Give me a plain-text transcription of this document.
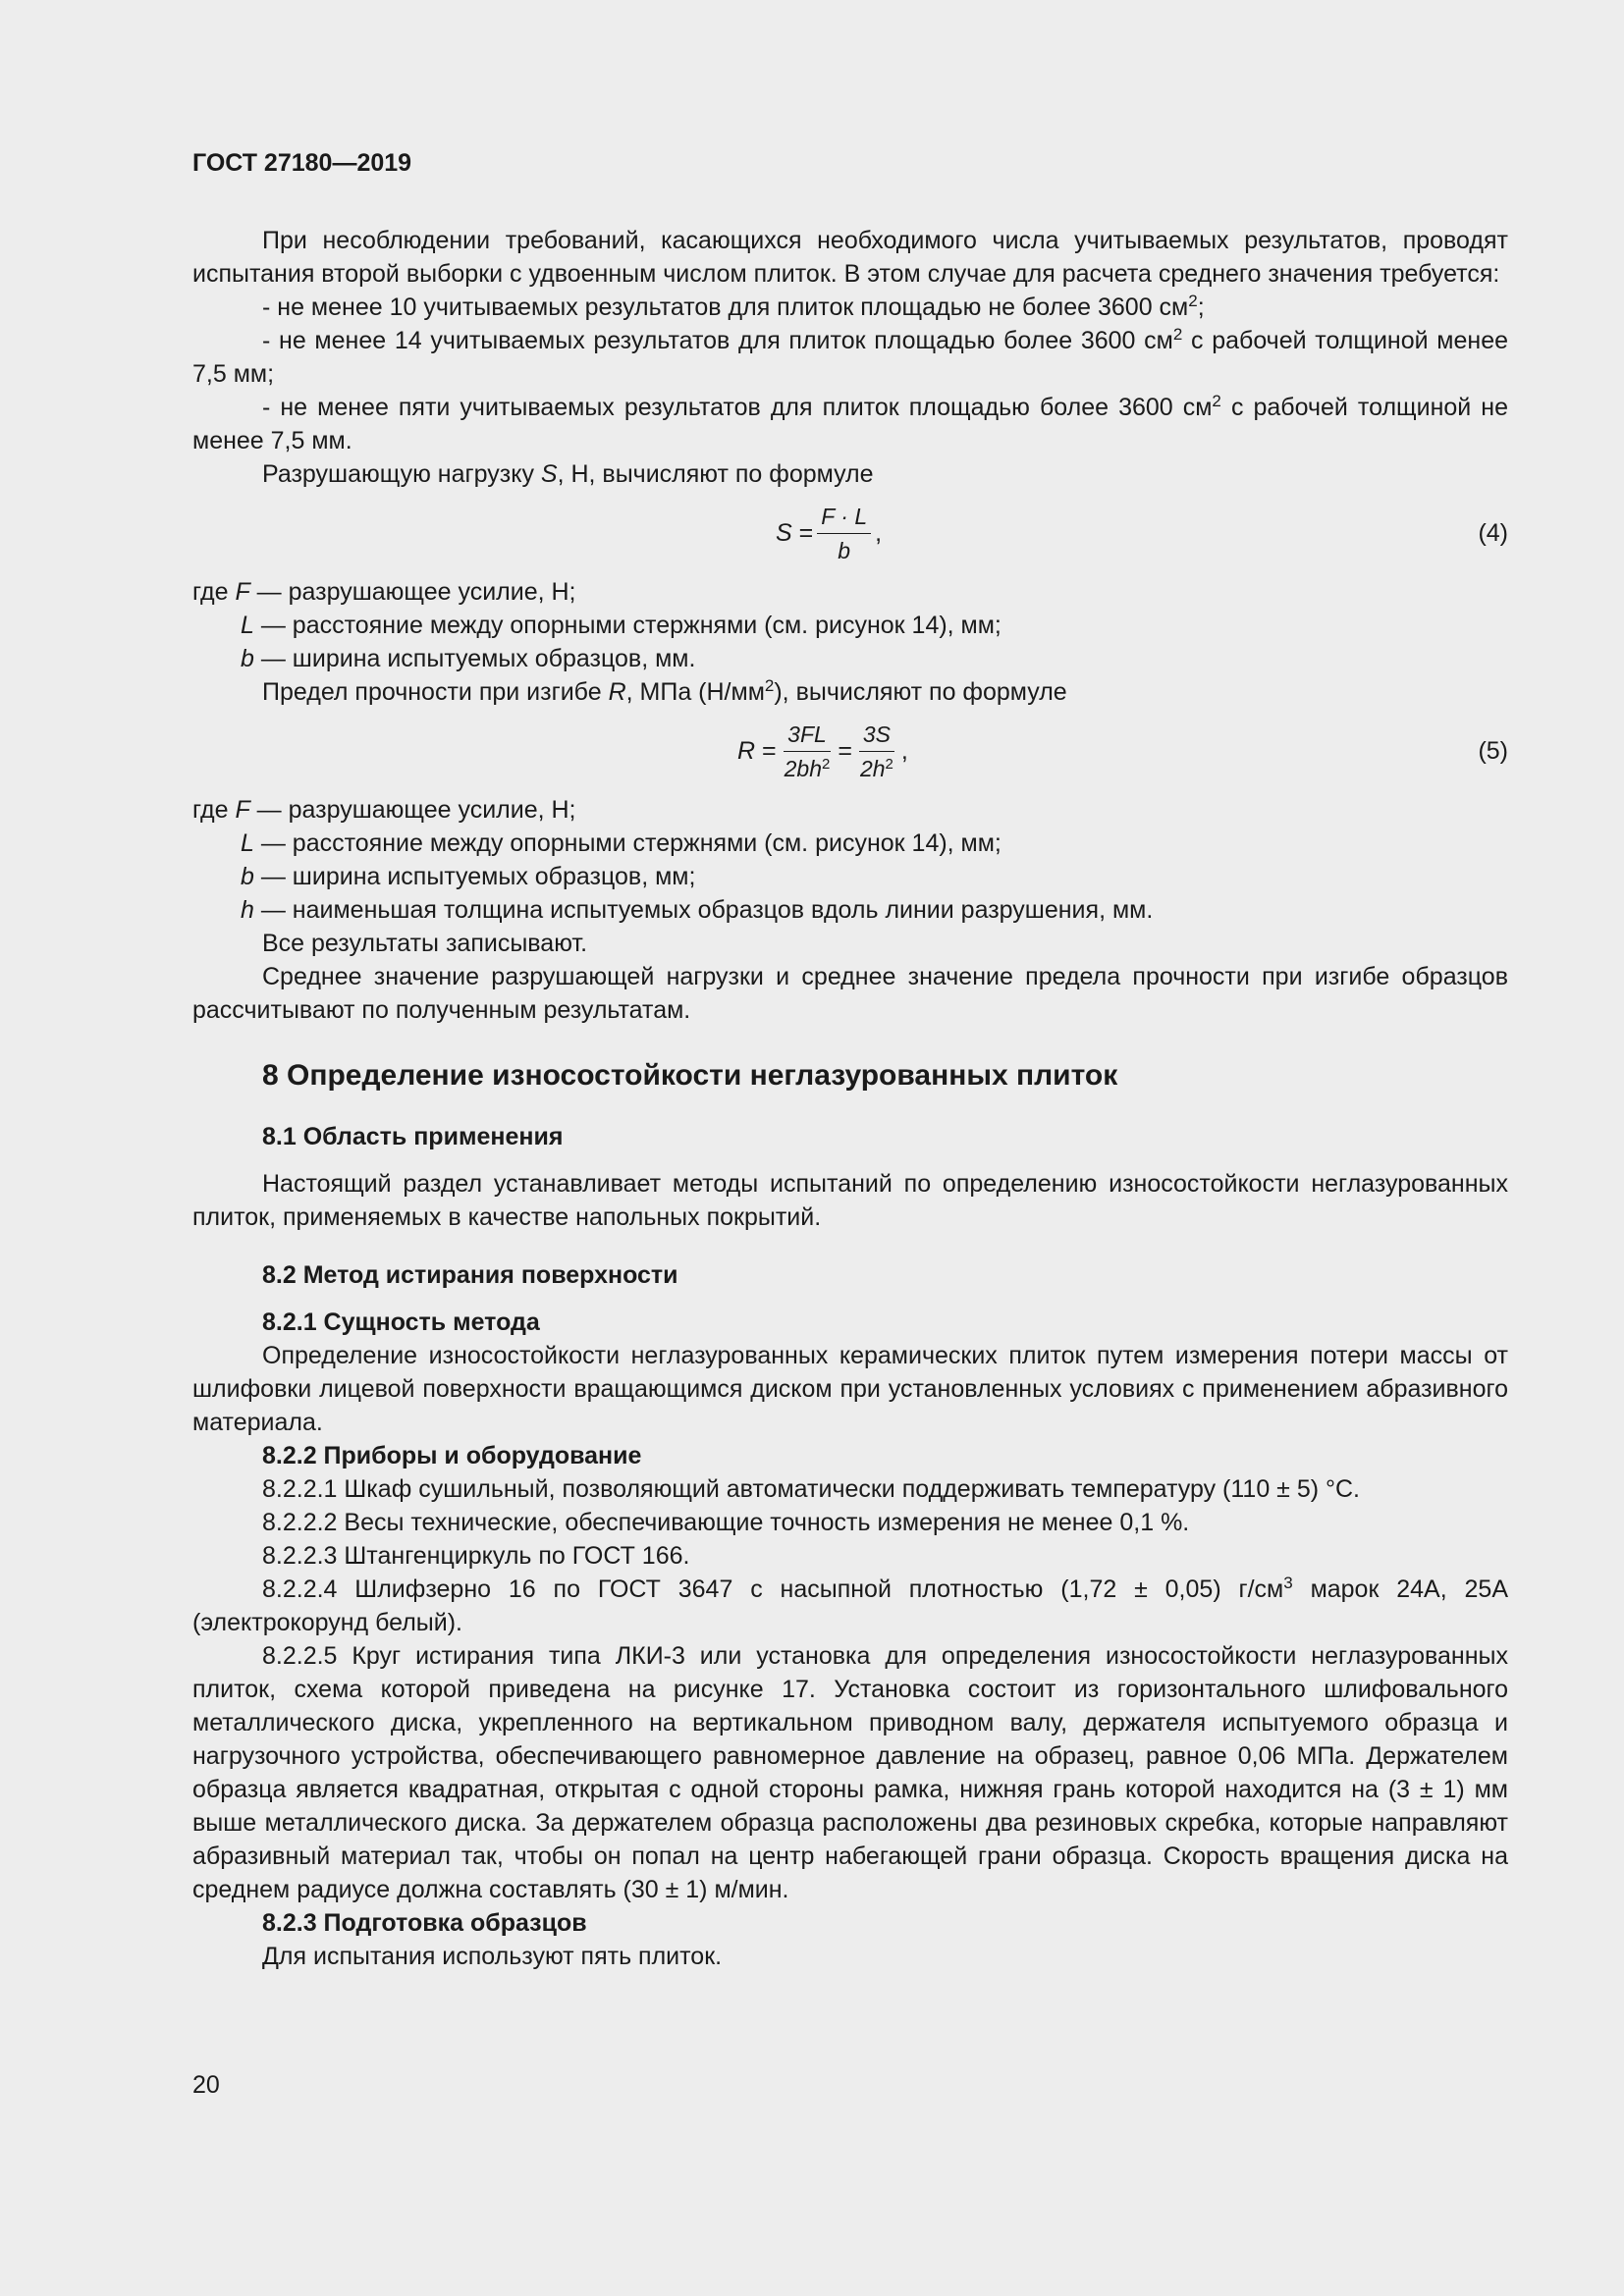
ГОСТ 27180—2019

При несоблюдении требований, касающихся необходимого числа учитываемых результатов, проводят испытания второй выборки с удвоенным числом плиток. В этом случае для расчета среднего значения требуется:

- не менее 10 учитываемых результатов для плиток площадью не более 3600 $см^2$;

- не менее 14 учитываемых результатов для плиток площадью более 3600 $см^2$ с рабочей толщиной менее 7,5 мм;

- не менее пяти учитываемых результатов для плиток площадью более 3600 $см^2$ с рабочей толщиной не менее 7,5 мм.

Разрушающую нагрузку S, Н, вычисляют по формуле

S
= $\frac{F \cdot L}{b}$ ,	(4)

где F — разрушающее усилие, Н;

L — расстояние между опорными стержнями (см. рисунок 14), мм;

b — ширина испытуемых образцов, мм.

Предел прочности при изгибе R, МПа $(Н/мм^2)$, вычисляют по формуле

R
= $\frac{3FL}{2bh^2} = \frac{3S}{2h^2}$ ,	(5)

где F — разрушающее усилие, Н;

L — расстояние между опорными стержнями (см. рисунок 14), мм;

b — ширина испытуемых образцов, мм;

h — наименьшая толщина испытуемых образцов вдоль линии разрушения, мм.

Все результаты записывают.

Среднее значение разрушающей нагрузки и среднее значение предела прочности при изгибе образцов рассчитывают по полученным результатам.

8 Определение износостойкости неглазурованных плиток
8.1 Область применения

Настоящий раздел устанавливает методы испытаний по определению износостойкости неглазурованных плиток, применяемых в качестве напольных покрытий.

8.2 Метод истирания поверхности
8.2.1 Сущность метода

Определение износостойкости неглазурованных керамических плиток путем измерения потери массы от шлифовки лицевой поверхности вращающимся диском при установленных условиях с применением абразивного материала.

8.2.2 Приборы и оборудование

8.2.2.1 Шкаф сушильный, позволяющий автоматически поддерживать температуру (110 ± 5) °С.

8.2.2.2 Весы технические, обеспечивающие точность измерения не менее 0,1 %.

8.2.2.3 Штангенциркуль по ГОСТ 166.

8.2.2.4 Шлифзерно 16 по ГОСТ 3647 с насыпной плотностью (1,72 ± 0,05) $г/см^3$ марок 24А, 25А (электрокорунд белый).

8.2.2.5 Круг истирания типа ЛКИ-3 или установка для определения износостойкости неглазурованных плиток, схема которой приведена на рисунке 17. Установка состоит из горизонтального шлифовального металлического диска, укрепленного на вертикальном приводном валу, держателя испытуемого образца и нагрузочного устройства, обеспечивающего равномерное давление на образец, равное 0,06 МПа. Держателем образца является квадратная, открытая с одной стороны рамка, нижняя грань которой находится на (3 ± 1) мм выше металлического диска. За держателем образца расположены два резиновых скребка, которые направляют абразивный материал так, чтобы он попал на центр набегающей грани образца. Скорость вращения диска на среднем радиусе должна составлять (30 ± 1) м/мин.

8.2.3 Подготовка образцов

Для испытания используют пять плиток.

20
